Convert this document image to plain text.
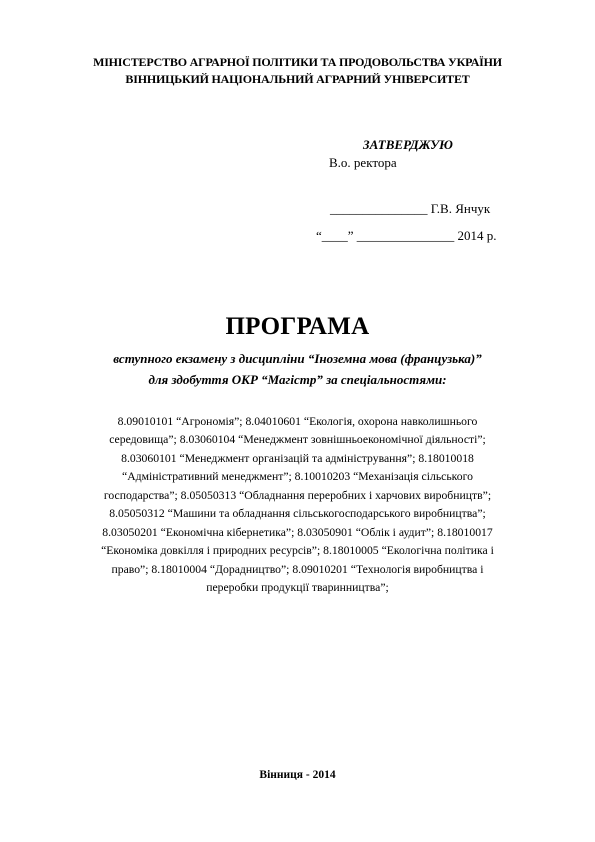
МІНІСТЕРСТВО АГРАРНОЇ ПОЛІТИКИ ТА ПРОДОВОЛЬСТВА УКРАЇНИ
ВІННИЦЬКИЙ НАЦІОНАЛЬНИЙ АГРАРНИЙ УНІВЕРСИТЕТ
ЗАТВЕРДЖУЮ
В.о. ректора
_______________ Г.В. Янчук
“____” _______________ 2014 р.
ПРОГРАМА
вступного екзамену з дисципліни “Іноземна мова (французька)”
для здобуття ОКР “Магістр” за спеціальностями:
8.09010101 “Агрономія”; 8.04010601 “Екологія, охорона навколишнього
середовища”; 8.03060104 “Менеджмент зовнішньоекономічної діяльності”;
8.03060101 “Менеджмент організацій та адміністрування”; 8.18010018
“Адміністративний менеджмент”; 8.10010203 “Механізація сільського
господарства”; 8.05050313 “Обладнання переробних і харчових виробництв”;
8.05050312 “Машини та обладнання сільськогосподарського виробництва”;
8.03050201 “Економічна кібернетика”; 8.03050901 “Облік і аудит”; 8.18010017
“Економіка довкілля і природних ресурсів”; 8.18010005 “Екологічна політика і
право”; 8.18010004 “Дорадництво”; 8.09010201 “Технологія виробництва і
переробки продукції тваринництва”;
Вінниця - 2014
